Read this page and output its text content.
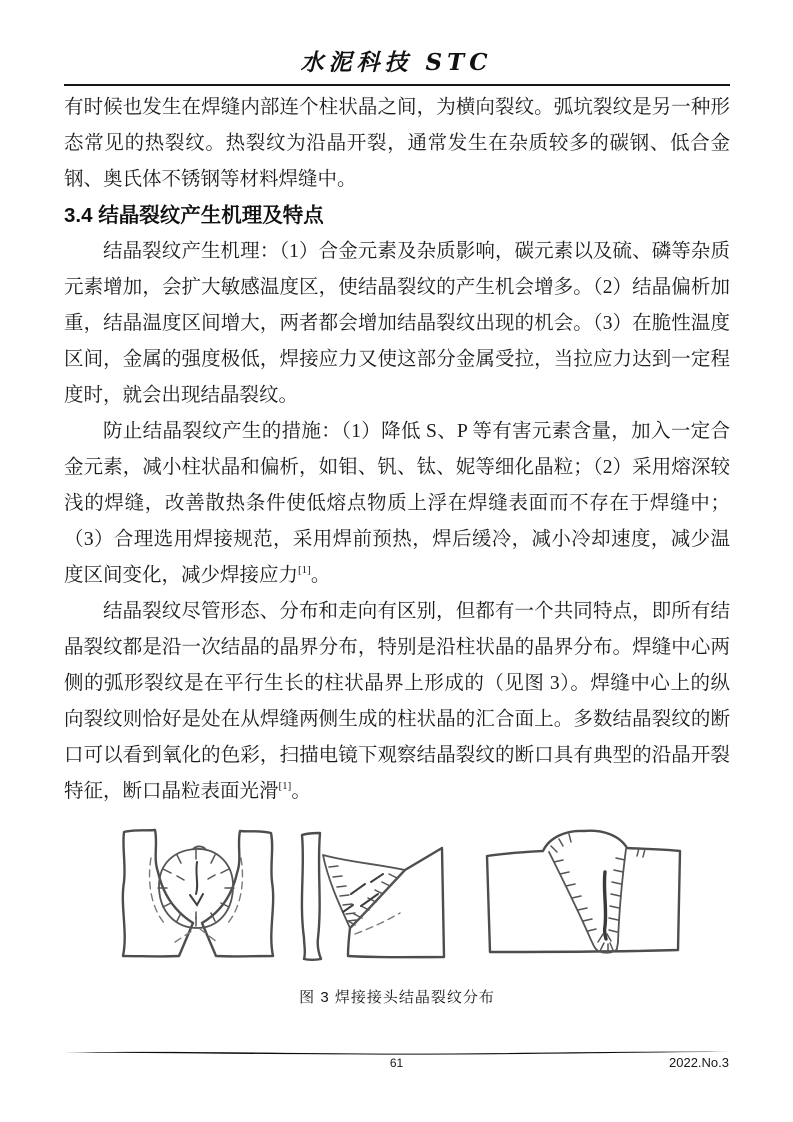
水泥科技 STC

有时候也发生在焊缝内部连个柱状晶之间，为横向裂纹。弧坑裂纹是另一种形态常见的热裂纹。热裂纹为沿晶开裂，通常发生在杂质较多的碳钢、低合金钢、奥氏体不锈钢等材料焊缝中。

3.4 结晶裂纹产生机理及特点

结晶裂纹产生机理：（1）合金元素及杂质影响，碳元素以及硫、磷等杂质元素增加，会扩大敏感温度区，使结晶裂纹的产生机会增多。（2）结晶偏析加重，结晶温度区间增大，两者都会增加结晶裂纹出现的机会。（3）在脆性温度区间，金属的强度极低，焊接应力又使这部分金属受拉，当拉应力达到一定程度时，就会出现结晶裂纹。

防止结晶裂纹产生的措施：（1）降低 S、P 等有害元素含量，加入一定合金元素，减小柱状晶和偏析，如钼、钒、钛、妮等细化晶粒；（2）采用熔深较浅的焊缝，改善散热条件使低熔点物质上浮在焊缝表面而不存在于焊缝中；（3）合理选用焊接规范，采用焊前预热，焊后缓冷，减小冷却速度，减少温度区间变化，减少焊接应力[1]。

结晶裂纹尽管形态、分布和走向有区别，但都有一个共同特点，即所有结晶裂纹都是沿一次结晶的晶界分布，特别是沿柱状晶的晶界分布。焊缝中心两侧的弧形裂纹是在平行生长的柱状晶界上形成的（见图 3）。焊缝中心上的纵向裂纹则恰好是处在从焊缝两侧生成的柱状晶的汇合面上。多数结晶裂纹的断口可以看到氧化的色彩，扫描电镜下观察结晶裂纹的断口具有典型的沿晶开裂特征，断口晶粒表面光滑[1]。

图 3 焊接接头结晶裂纹分布
61	2022.No.3
